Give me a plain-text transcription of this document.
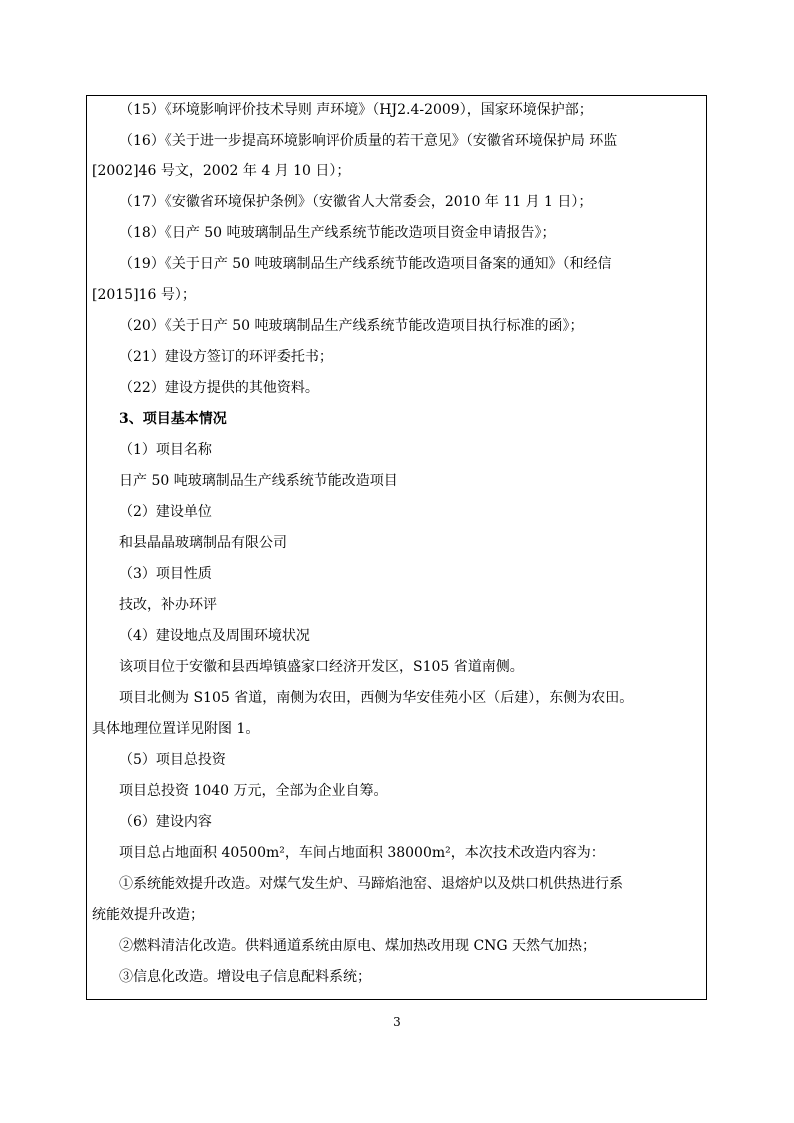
（15）《环境影响评价技术导则 声环境》（HJ2.4-2009），国家环境保护部；
（16）《关于进一步提高环境影响评价质量的若干意见》（安徽省环境保护局 环监
[2002]46 号文，2002 年 4 月 10 日）；
（17）《安徽省环境保护条例》（安徽省人大常委会，2010 年 11 月 1 日）；
（18）《日产 50 吨玻璃制品生产线系统节能改造项目资金申请报告》；
（19）《关于日产 50 吨玻璃制品生产线系统节能改造项目备案的通知》（和经信
[2015]16 号）；
（20）《关于日产 50 吨玻璃制品生产线系统节能改造项目执行标准的函》；
（21）建设方签订的环评委托书；
（22）建设方提供的其他资料。
3、项目基本情况
（1）项目名称
日产 50 吨玻璃制品生产线系统节能改造项目
（2）建设单位
和县晶晶玻璃制品有限公司
（3）项目性质
技改，补办环评
（4）建设地点及周围环境状况
该项目位于安徽和县西埠镇盛家口经济开发区，S105 省道南侧。
项目北侧为 S105 省道，南侧为农田，西侧为华安佳苑小区（后建），东侧为农田。
具体地理位置详见附图 1。
（5）项目总投资
项目总投资 1040 万元，全部为企业自筹。
（6）建设内容
项目总占地面积 40500m²，车间占地面积 38000m²，本次技术改造内容为：
①系统能效提升改造。对煤气发生炉、马蹄焰池窑、退熔炉以及烘口机供热进行系
统能效提升改造；
②燃料清洁化改造。供料通道系统由原电、煤加热改用现 CNG 天然气加热；
③信息化改造。增设电子信息配料系统；
3
